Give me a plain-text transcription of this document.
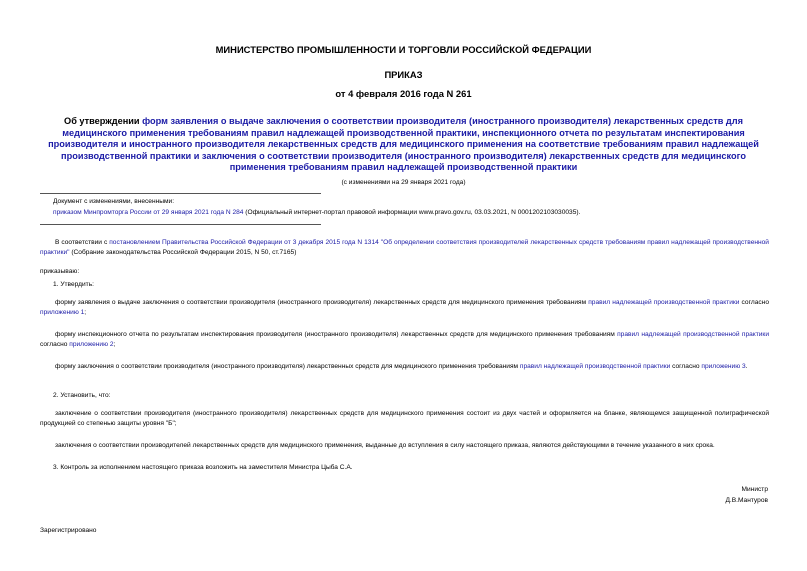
МИНИСТЕРСТВО ПРОМЫШЛЕННОСТИ И ТОРГОВЛИ РОССИЙСКОЙ ФЕДЕРАЦИИ
ПРИКАЗ
от 4 февраля 2016 года N 261
Об утверждении форм заявления о выдаче заключения о соответствии производителя (иностранного производителя) лекарственных средств для медицинского применения требованиям правил надлежащей производственной практики, инспекционного отчета по результатам инспектирования производителя и иностранного производителя лекарственных средств для медицинского применения на соответствие требованиям правил надлежащей производственной практики и заключения о соответствии производителя (иностранного производителя) лекарственных средств для медицинского применения требованиям правил надлежащей производственной практики
(с изменениями на 29 января 2021 года)
Документ с изменениями, внесенными:
приказом Минпромторга России от 29 января 2021 года N 284 (Официальный интернет-портал правовой информации www.pravo.gov.ru, 03.03.2021, N 0001202103030035).
В соответствии с постановлением Правительства Российской Федерации от 3 декабря 2015 года N 1314 "Об определении соответствия производителей лекарственных средств требованиям правил надлежащей производственной практики" (Собрание законодательства Российской Федерации 2015, N 50, ст.7165)
приказываю:
1. Утвердить:
форму заявления о выдаче заключения о соответствии производителя (иностранного производителя) лекарственных средств для медицинского применения требованиям правил надлежащей производственной практики согласно приложению 1;
форму инспекционного отчета по результатам инспектирования производителя (иностранного производителя) лекарственных средств для медицинского применения требованиям правил надлежащей производственной практики согласно приложению 2;
форму заключения о соответствии производителя (иностранного производителя) лекарственных средств для медицинского применения требованиям правил надлежащей производственной практики согласно приложению 3.
2. Установить, что:
заключение о соответствии производителя (иностранного производителя) лекарственных средств для медицинского применения состоит из двух частей и оформляется на бланке, являющемся защищенной полиграфической продукцией со степенью защиты уровня "Б";
заключения о соответствии производителей лекарственных средств для медицинского применения, выданные до вступления в силу настоящего приказа, являются действующими в течение указанного в них срока.
3. Контроль за исполнением настоящего приказа возложить на заместителя Министра Цыба С.А.
Министр
Д.В.Мантуров
Зарегистрировано
